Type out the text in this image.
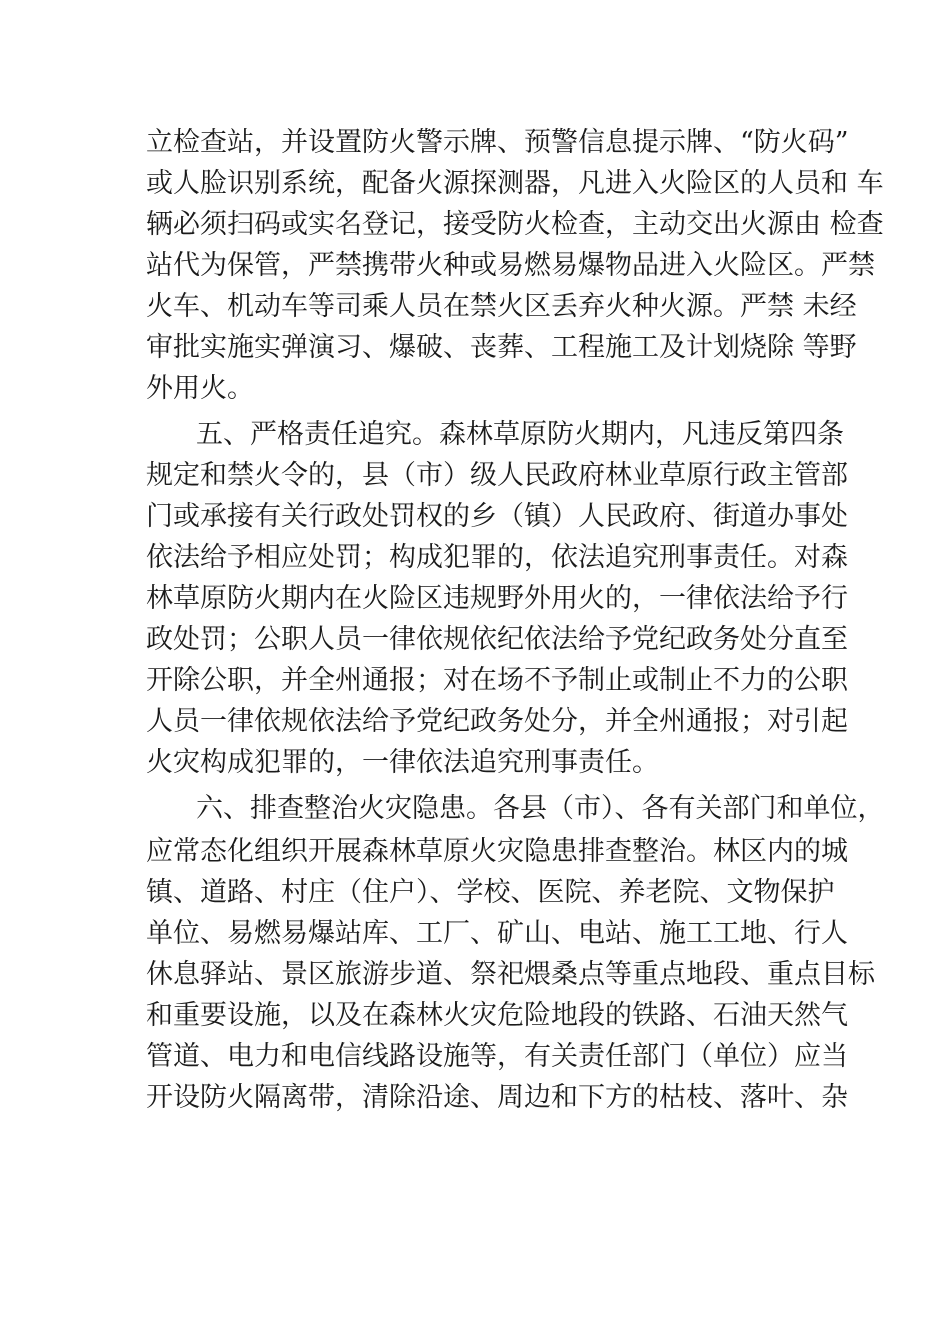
立检查站，并设置防火警示牌、预警信息提示牌、“防火码”
或人脸识别系统，配备火源探测器，凡进入火险区的人员和 车
辆必须扫码或实名登记，接受防火检查，主动交出火源由 检查
站代为保管，严禁携带火种或易燃易爆物品进入火险区。严禁
火车、机动车等司乘人员在禁火区丢弃火种火源。严禁 未经
审批实施实弹演习、爆破、丧葬、工程施工及计划烧除 等野
外用火。
五、严格责任追究。森林草原防火期内，凡违反第四条
规定和禁火令的，县（市）级人民政府林业草原行政主管部
门或承接有关行政处罚权的乡（镇）人民政府、街道办事处
依法给予相应处罚；构成犯罪的，依法追究刑事责任。对森
林草原防火期内在火险区违规野外用火的，一律依法给予行
政处罚；公职人员一律依规依纪依法给予党纪政务处分直至
开除公职，并全州通报；对在场不予制止或制止不力的公职
人员一律依规依法给予党纪政务处分，并全州通报；对引起
火灾构成犯罪的，一律依法追究刑事责任。
六、排查整治火灾隐患。各县（市）、各有关部门和单位，
应常态化组织开展森林草原火灾隐患排查整治。林区内的城
镇、道路、村庄（住户）、学校、医院、养老院、文物保护
单位、易燃易爆站库、工厂、矿山、电站、施工工地、行人
休息驿站、景区旅游步道、祭祀煨桑点等重点地段、重点目标
和重要设施，以及在森林火灾危险地段的铁路、石油天然气
管道、电力和电信线路设施等，有关责任部门（单位）应当
开设防火隔离带，清除沿途、周边和下方的枯枝、落叶、杂
